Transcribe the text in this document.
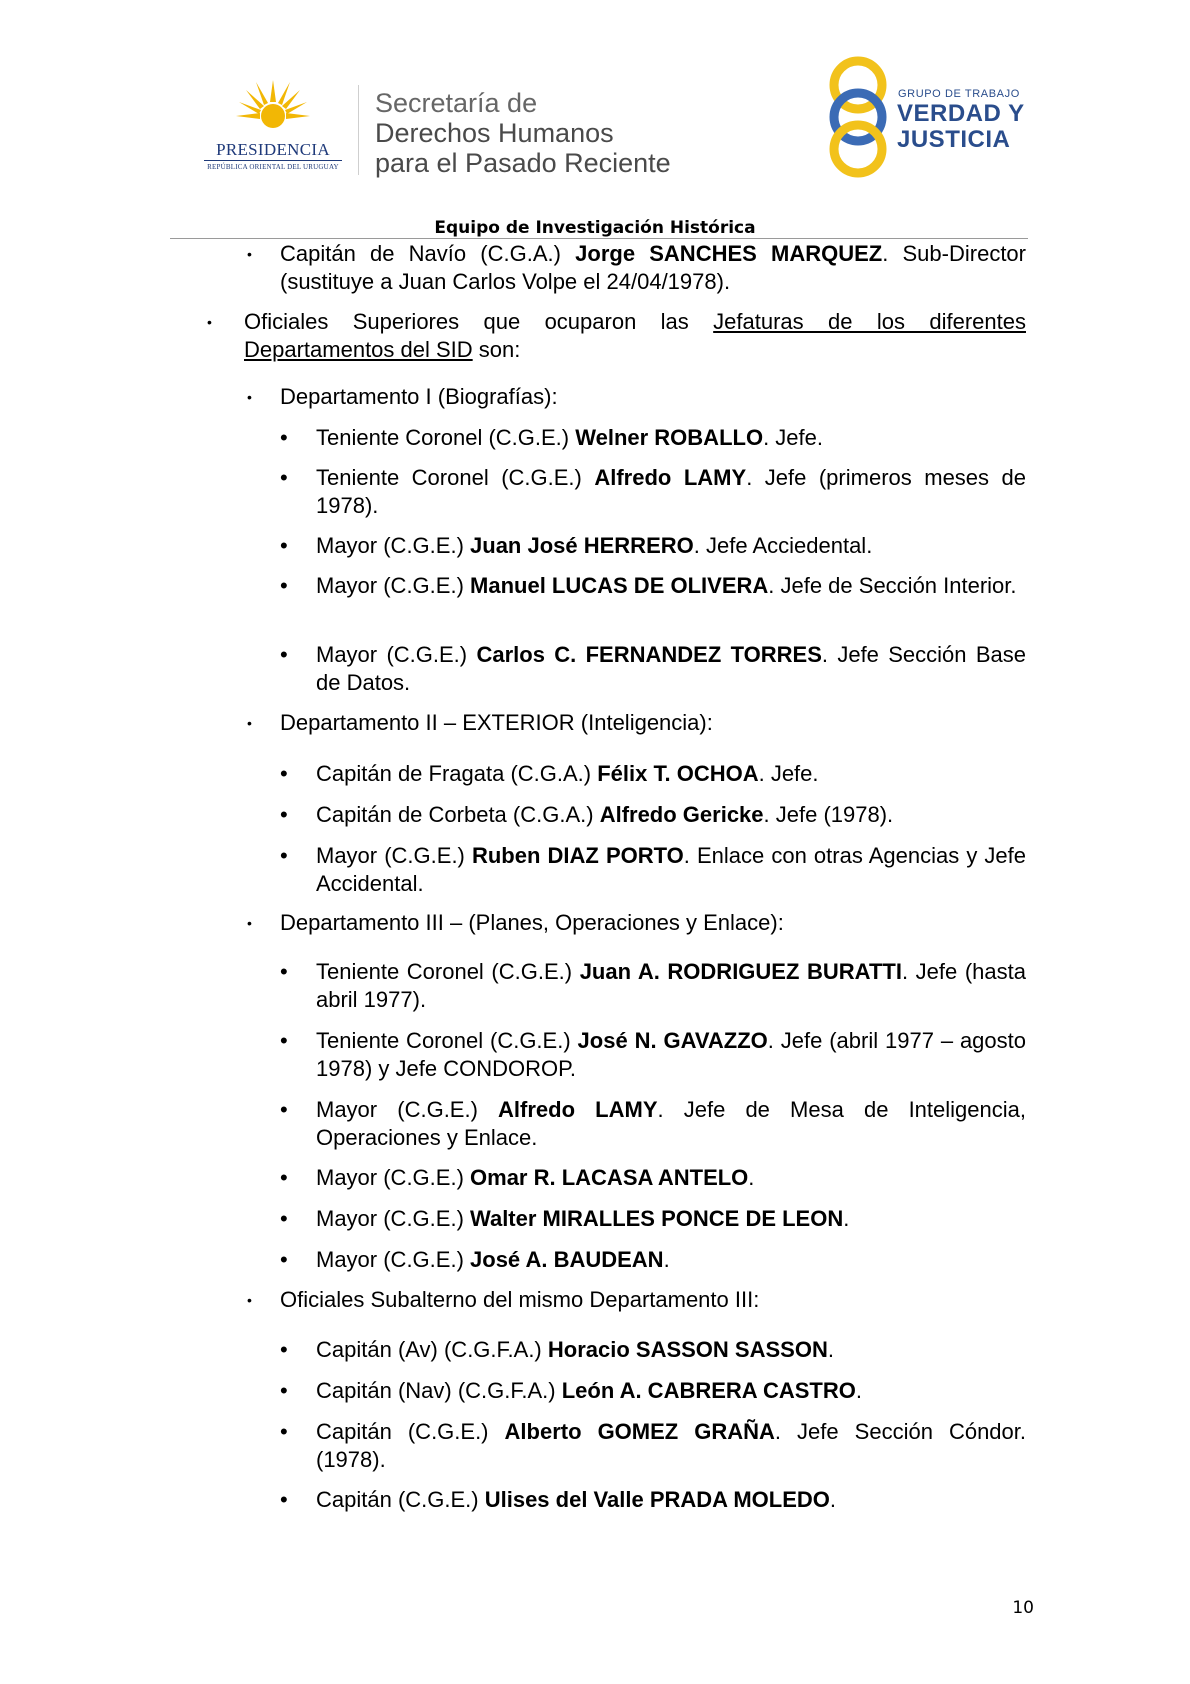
PRESIDENCIA
REPÚBLICA ORIENTAL DEL URUGUAY
Secretaría de
Derechos Humanos
para el Pasado Reciente
GRUPO DE TRABAJO
VERDAD Y
JUSTICIA
Equipo de Investigación Histórica
• Capitán de Navío (C.G.A.) Jorge SANCHES MARQUEZ. Sub-Director (sustituye a Juan Carlos Volpe el 24/04/1978).
• Oficiales Superiores que ocuparon las Jefaturas de los diferentes Departamentos del SID son:
• Departamento I (Biografías):
• Teniente Coronel (C.G.E.) Welner ROBALLO. Jefe.
• Teniente Coronel (C.G.E.) Alfredo LAMY. Jefe (primeros meses de 1978).
• Mayor (C.G.E.) Juan José HERRERO. Jefe Acciedental.
• Mayor (C.G.E.) Manuel LUCAS DE OLIVERA. Jefe de Sección Interior.
• Mayor (C.G.E.) Carlos C. FERNANDEZ TORRES. Jefe Sección Base de Datos.
• Departamento II – EXTERIOR (Inteligencia):
• Capitán de Fragata (C.G.A.) Félix T. OCHOA. Jefe.
• Capitán de Corbeta (C.G.A.) Alfredo Gericke. Jefe (1978).
• Mayor (C.G.E.) Ruben DIAZ PORTO. Enlace con otras Agencias y Jefe Accidental.
• Departamento III – (Planes, Operaciones y Enlace):
• Teniente Coronel (C.G.E.) Juan A. RODRIGUEZ BURATTI. Jefe (hasta abril 1977).
• Teniente Coronel (C.G.E.) José N. GAVAZZO. Jefe (abril 1977 – agosto 1978) y Jefe CONDOROP.
• Mayor (C.G.E.) Alfredo LAMY. Jefe de Mesa de Inteligencia, Operaciones y Enlace.
• Mayor (C.G.E.) Omar R. LACASA ANTELO.
• Mayor (C.G.E.) Walter MIRALLES PONCE DE LEON.
• Mayor (C.G.E.) José A. BAUDEAN.
• Oficiales Subalterno del mismo Departamento III:
• Capitán (Av) (C.G.F.A.) Horacio SASSON SASSON.
• Capitán (Nav) (C.G.F.A.) León A. CABRERA CASTRO.
• Capitán (C.G.E.) Alberto GOMEZ GRAÑA. Jefe Sección Cóndor. (1978).
• Capitán (C.G.E.) Ulises del Valle PRADA MOLEDO.
10
